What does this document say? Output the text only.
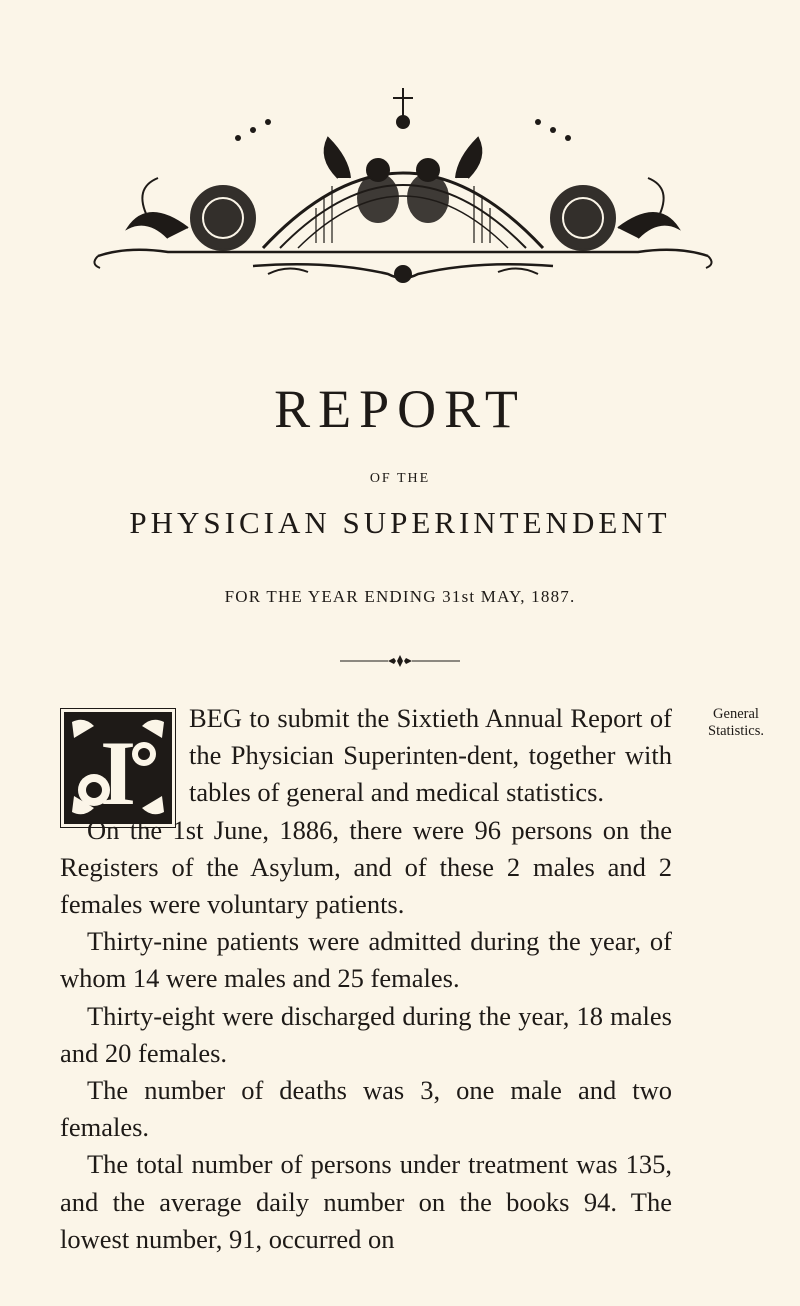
REPORT
OF THE
PHYSICIAN SUPERINTENDENT
FOR THE YEAR ENDING 31st MAY, 1887.
I

BEG to submit the Sixtieth Annual Report of the Physician Superinten-dent, together with tables of general and medical statistics.

On the 1st June, 1886, there were 96 persons on the Registers of the Asylum, and of these 2 males and 2 females were voluntary patients.

Thirty-nine patients were admitted during the year, of whom 14 were males and 25 females.

Thirty-eight were discharged during the year, 18 males and 20 females.

The number of deaths was 3, one male and two females.

The total number of persons under treatment was 135, and the average daily number on the books 94. The lowest number, 91, occurred on

General
Statistics.
